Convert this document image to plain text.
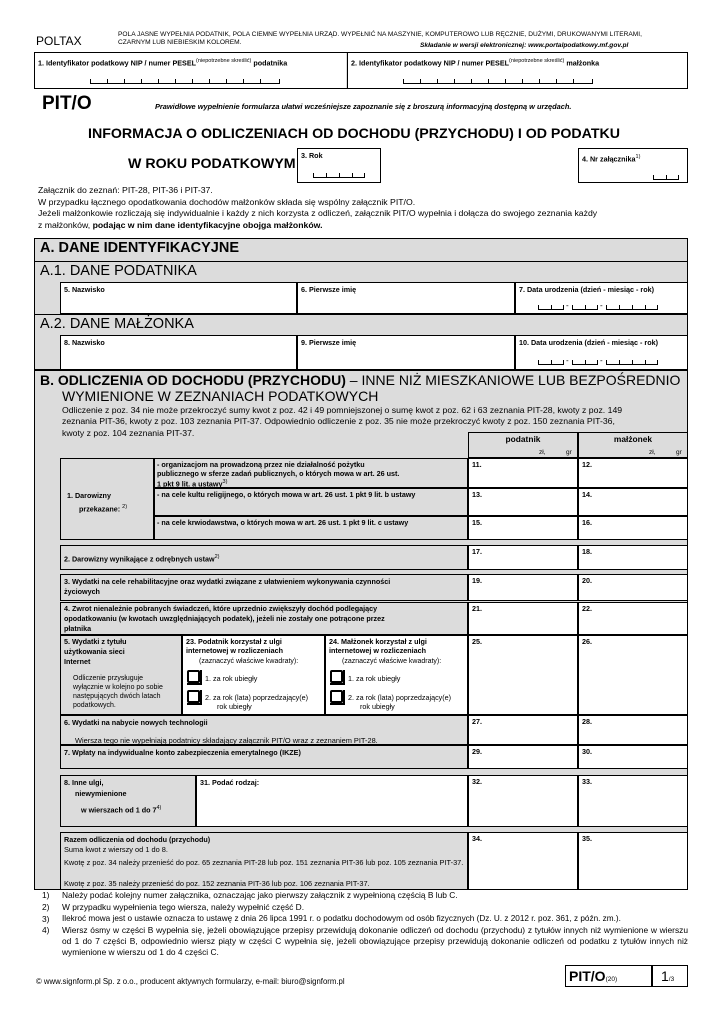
POLTAX	POLA JASNE WYPEŁNIA PODATNIK, POLA CIEMNE WYPEŁNIA URZĄD. WYPEŁNIĆ NA MASZYNIE, KOMPUTEROWO LUB RĘCZNIE, DUŻYMI, DRUKOWANYMI LITERAMI, CZARNYM LUB NIEBIESKIM KOLOREM.	Składanie w wersji elektronicznej: www.portalpodatkowy.mf.gov.pl
1. Identyfikator podatkowy NIP / numer $PESEL^{(niepotrzebne skreślić)}$ podatnika	2. Identyfikator podatkowy NIP / numer $PESEL^{(niepotrzebne skreślić)}$ małżonka
PIT/O	Prawidłowe wypełnienie formularza ułatwi wcześniejsze zapoznanie się z broszurą informacyjną dostępną w urzędach.
INFORMACJA O ODLICZENIACH OD DOCHODU (PRZYCHODU) I OD PODATKU
W ROKU PODATKOWYM
3. Rok	4. Nr załącznika$^{1)}$
Załącznik do zeznań: PIT-28, PIT-36 i PIT-37.
W przypadku łącznego opodatkowania dochodów małżonków składa się wspólny załącznik PIT/O.
Jeżeli małżonkowie rozliczają się indywidualnie i każdy z nich korzysta z odliczeń, załącznik PIT/O wypełnia i dołącza do swojego zeznania każdy
z małżonków, podając w nim dane identyfikacyjne obojga małżonków.
A. DANE IDENTYFIKACYJNE
A.1. DANE PODATNIKA
5. Nazwisko	6. Pierwsze imię	7. Data urodzenia (dzień - miesiąc - rok)
-	-
A.2. DANE MAŁŻONKA
8. Nazwisko	9. Pierwsze imię	10. Data urodzenia (dzień - miesiąc - rok)
-	-
B. ODLICZENIA OD DOCHODU (PRZYCHODU) – INNE NIŻ MIESZKANIOWE LUB BEZPOŚREDNIO
WYMIENIONE W ZEZNANIACH PODATKOWYCH
Odliczenie z poz. 34 nie może przekroczyć sumy kwot z poz. 42 i 49 pomniejszonej o sumę kwot z poz. 62 i 63 zeznania PIT-28, kwoty z poz. 149
zeznania PIT-36, kwoty z poz. 103 zeznania PIT-37. Odpowiednio odliczenie z poz. 35 nie może przekroczyć kwoty z poz. 150 zeznania PIT-36,
kwoty z poz. 104 zeznania PIT-37.
podatnik
zł,	gr
małżonek
zł,	gr
1. Darowizny
przekazane: $^{2)}$
- organizacjom na prowadzoną przez nie działalność pożytku publicznego w sferze zadań publicznych, o których mowa w art. 26 ust. 1 pkt 9 lit. a ustawy$^{3)}$
- na cele kultu religijnego, o których mowa w art. 26 ust. 1 pkt 9 lit. b ustawy
- na cele krwiodawstwa, o których mowa w art. 26 ust. 1 pkt 9 lit. c ustawy
11.	12.
13.	14.
15.	16.
2. Darowizny wynikające z odrębnych ustaw$^{2)}$
17.	18.
3. Wydatki na cele rehabilitacyjne oraz wydatki związane z ułatwieniem wykonywania czynności życiowych
19.	20.
4. Zwrot nienależnie pobranych świadczeń, które uprzednio zwiększyły dochód podlegający opodatkowaniu (w kwotach uwzględniających podatek), jeżeli nie zostały one potrącone przez płatnika
21.	22.
5. Wydatki z tytułu użytkowania sieci Internet
Odliczenie przysługuje wyłącznie w kolejno po sobie następujących dwóch latach podatkowych.
23. Podatnik korzystał z ulgi internetowej w rozliczeniach
(zaznaczyć właściwe kwadraty):
1. za rok ubiegły
2. za rok (lata) poprzedzający(e)
rok ubiegły
24. Małżonek korzystał z ulgi internetowej w rozliczeniach
(zaznaczyć właściwe kwadraty):
1. za rok ubiegły
2. za rok (lata) poprzedzający(e)
rok ubiegły
25.	26.
6. Wydatki na nabycie nowych technologii
Wiersza tego nie wypełniają podatnicy składający załącznik PIT/O wraz z zeznaniem PIT-28.
27.	28.
7. Wpłaty na indywidualne konto zabezpieczenia emerytalnego (IKZE)	29.	30.
8. Inne ulgi,
niewymienione
w wierszach od 1 do 7$^{4)}$
31. Podać rodzaj:	32.	33.
Razem odliczenia od dochodu (przychodu)
Suma kwot z wierszy od 1 do 8.
Kwotę z poz. 34 należy przenieść do poz. 65 zeznania PIT-28 lub poz. 151 zeznania PIT-36 lub poz. 105 zeznania PIT-37.
Kwotę z poz. 35 należy przenieść do poz. 152 zeznania PIT-36 lub poz. 106 zeznania PIT-37.
34.	35.
1)	Należy podać kolejny numer załącznika, oznaczając jako pierwszy załącznik z wypełnioną częścią B lub C.
2)	W przypadku wypełnienia tego wiersza, należy wypełnić część D.
3)	Ilekroć mowa jest o ustawie oznacza to ustawę z dnia 26 lipca 1991 r. o podatku dochodowym od osób fizycznych (Dz. U. z 2012 r. poz. 361, z późn. zm.).
4)	Wiersz ósmy w części B wypełnia się, jeżeli obowiązujące przepisy przewidują dokonanie odliczeń od dochodu (przychodu) z tytułów innych niż wymienione w wierszu od 1 do 7 części B, odpowiednio wiersz piąty w części C wypełnia się, jeżeli obowiązujące przepisy przewidują dokonanie odliczeń od podatku z tytułów innych niż wymienione w wierszu od 1 do 4 części C.
© www.signform.pl Sp. z o.o., producent aktywnych formularzy, e-mail: biuro@signform.pl	PIT/O(20)	1/3
